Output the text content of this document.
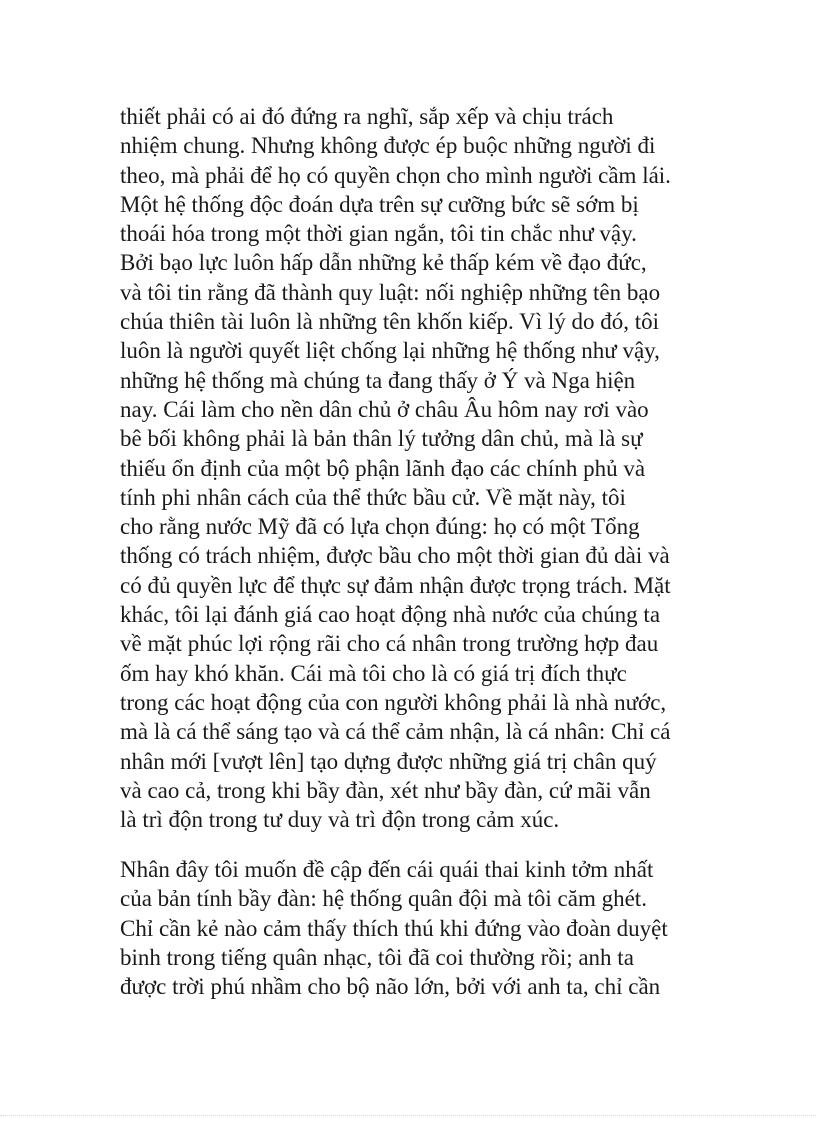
thiết phải có ai đó đứng ra nghĩ, sắp xếp và chịu trách
nhiệm chung. Nhưng không được ép buộc những người đi
theo, mà phải để họ có quyền chọn cho mình người cầm lái.
Một hệ thống độc đoán dựa trên sự cưỡng bức sẽ sớm bị
thoái hóa trong một thời gian ngắn, tôi tin chắc như vậy.
Bởi bạo lực luôn hấp dẫn những kẻ thấp kém về đạo đức,
và tôi tin rằng đã thành quy luật: nối nghiệp những tên bạo
chúa thiên tài luôn là những tên khốn kiếp. Vì lý do đó, tôi
luôn là người quyết liệt chống lại những hệ thống như vậy,
những hệ thống mà chúng ta đang thấy ở Ý và Nga hiện
nay. Cái làm cho nền dân chủ ở châu Âu hôm nay rơi vào
bê bối không phải là bản thân lý tưởng dân chủ, mà là sự
thiếu ổn định của một bộ phận lãnh đạo các chính phủ và
tính phi nhân cách của thể thức bầu cử. Về mặt này, tôi
cho rằng nước Mỹ đã có lựa chọn đúng: họ có một Tổng
thống có trách nhiệm, được bầu cho một thời gian đủ dài và
có đủ quyền lực để thực sự đảm nhận được trọng trách. Mặt
khác, tôi lại đánh giá cao hoạt động nhà nước của chúng ta
về mặt phúc lợi rộng rãi cho cá nhân trong trường hợp đau
ốm hay khó khăn. Cái mà tôi cho là có giá trị đích thực
trong các hoạt động của con người không phải là nhà nước,
mà là cá thể sáng tạo và cá thể cảm nhận, là cá nhân: Chỉ cá
nhân mới [vượt lên] tạo dựng được những giá trị chân quý
và cao cả, trong khi bầy đàn, xét như bầy đàn, cứ mãi vẫn
là trì độn trong tư duy và trì độn trong cảm xúc.
Nhân đây tôi muốn đề cập đến cái quái thai kinh tởm nhất
của bản tính bầy đàn: hệ thống quân đội mà tôi căm ghét.
Chỉ cần kẻ nào cảm thấy thích thú khi đứng vào đoàn duyệt
binh trong tiếng quân nhạc, tôi đã coi thường rồi; anh ta
được trời phú nhầm cho bộ não lớn, bởi với anh ta, chỉ cần
